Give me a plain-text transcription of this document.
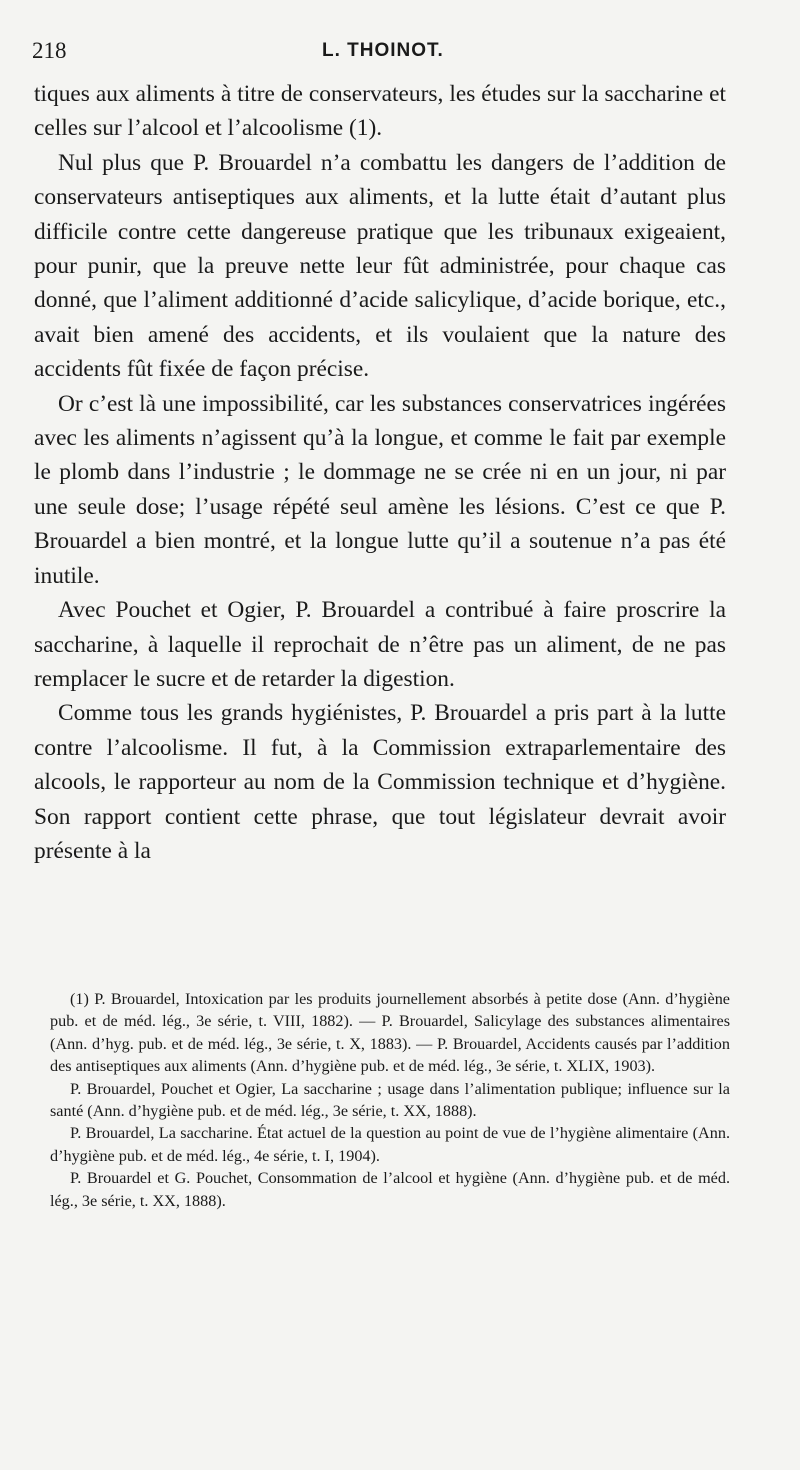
218	L. THOINOT.

tiques aux aliments à titre de conservateurs, les études sur la saccharine et celles sur l’alcool et l’alcoolisme (1).

Nul plus que P. Brouardel n’a combattu les dangers de l’addition de conservateurs antiseptiques aux aliments, et la lutte était d’autant plus difficile contre cette dangereuse pratique que les tribunaux exigeaient, pour punir, que la preuve nette leur fût administrée, pour chaque cas donné, que l’aliment additionné d’acide salicylique, d’acide borique, etc., avait bien amené des accidents, et ils voulaient que la nature des accidents fût fixée de façon précise.

Or c’est là une impossibilité, car les substances conservatrices ingérées avec les aliments n’agissent qu’à la longue, et comme le fait par exemple le plomb dans l’industrie ; le dommage ne se crée ni en un jour, ni par une seule dose; l’usage répété seul amène les lésions. C’est ce que P. Brouardel a bien montré, et la longue lutte qu’il a soutenue n’a pas été inutile.

Avec Pouchet et Ogier, P. Brouardel a contribué à faire proscrire la saccharine, à laquelle il reprochait de n’être pas un aliment, de ne pas remplacer le sucre et de retarder la digestion.

Comme tous les grands hygiénistes, P. Brouardel a pris part à la lutte contre l’alcoolisme. Il fut, à la Commission extraparlementaire des alcools, le rapporteur au nom de la Commission technique et d’hygiène. Son rapport contient cette phrase, que tout législateur devrait avoir présente à la

(1) P. Brouardel, Intoxication par les produits journellement absorbés à petite dose (Ann. d’hygiène pub. et de méd. lég., 3e série, t. VIII, 1882). — P. Brouardel, Salicylage des substances alimentaires (Ann. d’hyg. pub. et de méd. lég., 3e série, t. X, 1883). — P. Brouardel, Accidents causés par l’addition des antiseptiques aux aliments (Ann. d’hygiène pub. et de méd. lég., 3e série, t. XLIX, 1903).

P. Brouardel, Pouchet et Ogier, La saccharine ; usage dans l’alimentation publique; influence sur la santé (Ann. d’hygiène pub. et de méd. lég., 3e série, t. XX, 1888).

P. Brouardel, La saccharine. État actuel de la question au point de vue de l’hygiène alimentaire (Ann. d’hygiène pub. et de méd. lég., 4e série, t. I, 1904).

P. Brouardel et G. Pouchet, Consommation de l’alcool et hygiène (Ann. d’hygiène pub. et de méd. lég., 3e série, t. XX, 1888).
